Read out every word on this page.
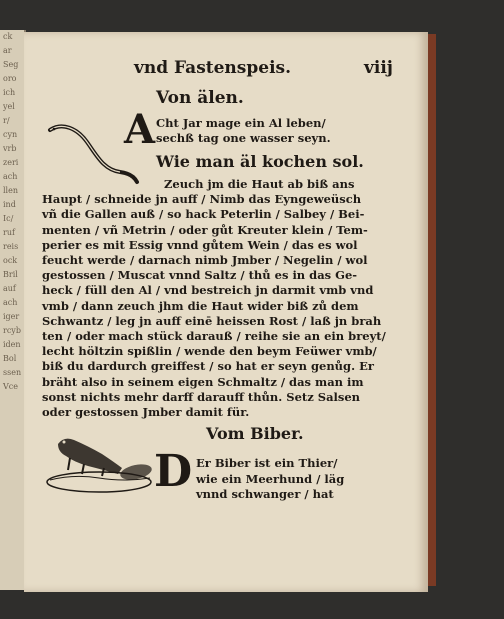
ck
ar
Seg
oro
ich
yel
r/
cyn
vrb
zeri
ach
llen
ind
Ic/
ruf
reis
ock
Bril
auf
ach
iger
rcyb
iden
Bol
ssen
Vce
vnd Fastenspeis.	viij
Von älen.
A Cht Jar mage ein Al leben/
sechß tag one wasser seyn.
Wie man äl kochen sol.
Zeuch jm die Haut ab biß ans
Haupt / schneide jn auff / Nimb das Eyngeweüsch
vñ die Gallen auß / so hack Peterlin / Salbey / Bei-
menten / vñ Metrin / oder gůt Kreuter klein / Tem-
perier es mit Essig vnnd gůtem Wein / das es wol
feucht werde / darnach nimb Jmber / Negelin / wol
gestossen / Muscat vnnd Saltz / thů es in das Ge-
heck / füll den Al / vnd bestreich jn darmit vmb vnd
vmb / dann zeuch jhm die Haut wider biß zů dem
Schwantz / leg jn auff einē heissen Rost / laß jn brah
ten / oder mach stück darauß / reihe sie an ein breyt/
lecht höltzin spißlin / wende den beym Feüwer vmb/
biß du dardurch greiffest / so hat er seyn genůg. Er
bräht also in seinem eigen Schmaltz / das man im
sonst nichts mehr darff darauff thůn. Setz Salsen
oder gestossen Jmber damit für.
Vom Biber.
D Er Biber ist ein Thier/
wie ein Meerhund / läg
vnnd schwanger / hat
